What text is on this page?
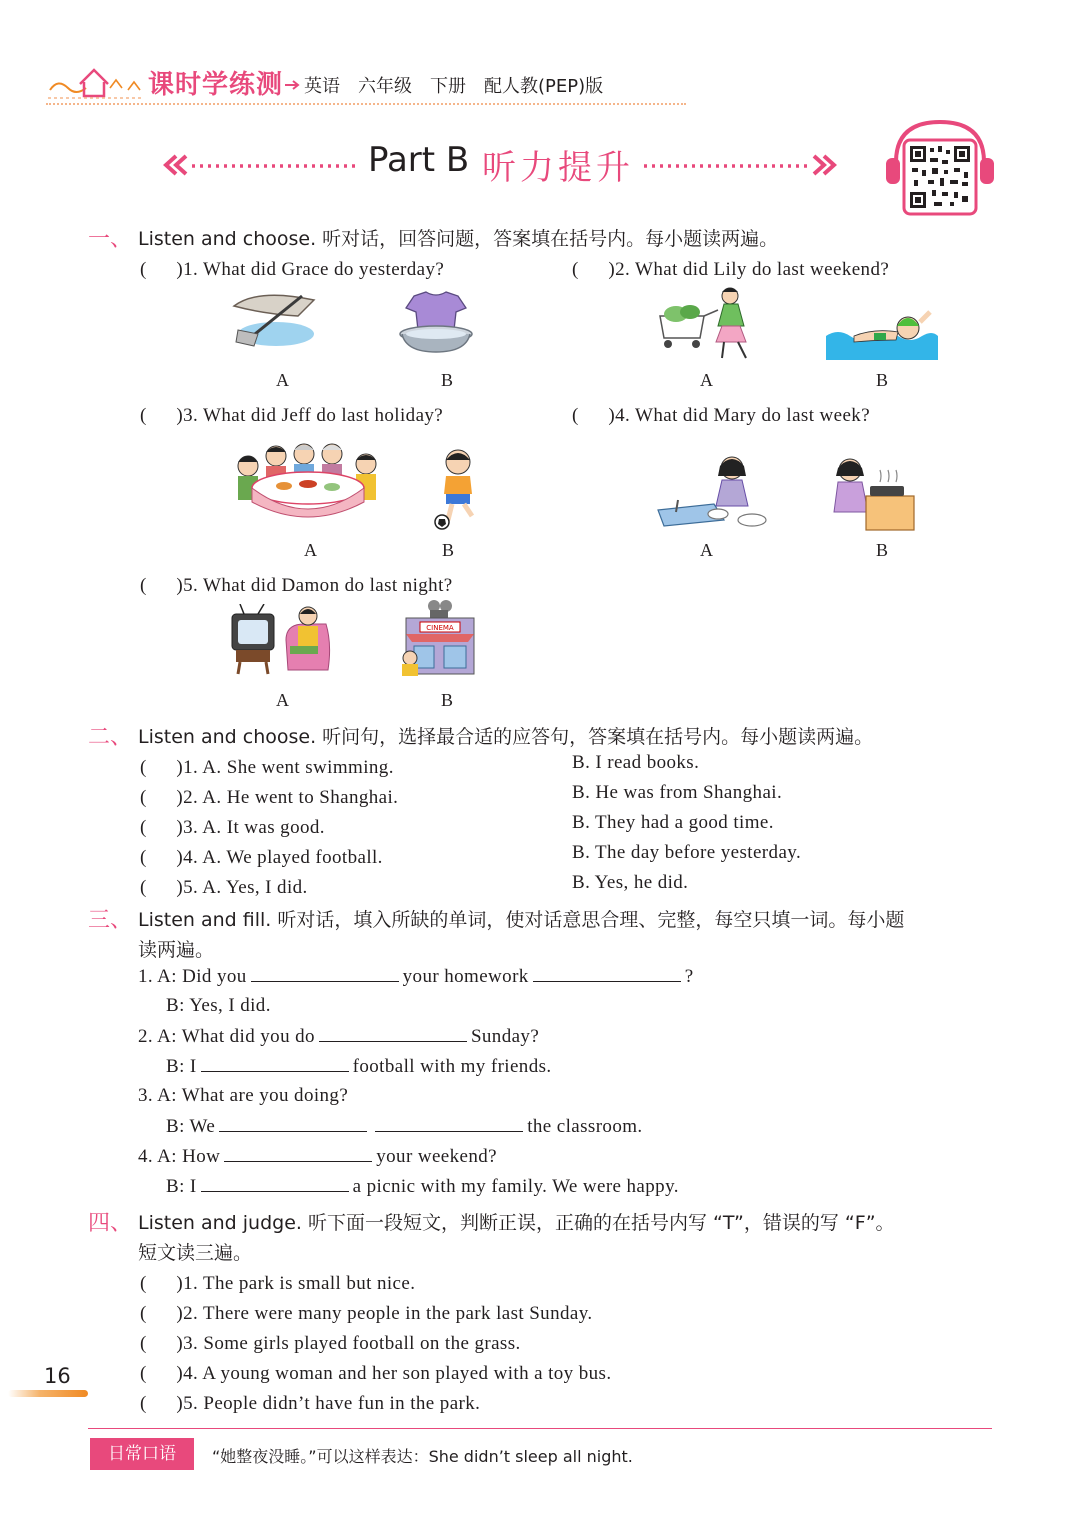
课时学练测 英语　六年级　下册　配人教(PEP)版
Part B 听力提升
一、 Listen and choose. 听对话，回答问题，答案填在括号内。每小题读两遍。
( 　 )1. What did Grace do yesterday?	( 　 )2. What did Lily do last weekend?
A	B	A	B
( 　 )3. What did Jeff do last holiday?	( 　 )4. What did Mary do last week?
A	B	A	B
( 　 )5. What did Damon do last night?
CINEMA
A	B
二、 Listen and choose. 听问句，选择最合适的应答句，答案填在括号内。每小题读两遍。
( 　 )1. A. She went swimming.	B. I read books.
( 　 )2. A. He went to Shanghai.	B. He was from Shanghai.
( 　 )3. A. It was good.	B. They had a good time.
( 　 )4. A. We played football.	B. The day before yesterday.
( 　 )5. A. Yes, I did.	B. Yes, he did.
三、 Listen and fill. 听对话，填入所缺的单词，使对话意思合理、完整，每空只填一词。每小题
读两遍。
1. A: Did you	your homework	?
B: Yes, I did.
2. A: What did you do	Sunday?
B: I	football with my friends.
3. A: What are you doing?
B: We	the classroom.
4. A: How	your weekend?
B: I	a picnic with my family. We were happy.
四、 Listen and judge. 听下面一段短文，判断正误，正确的在括号内写 “T”，错误的写 “F”。
短文读三遍。
( 　 )1. The park is small but nice.
( 　 )2. There were many people in the park last Sunday.
( 　 )3. Some girls played football on the grass.
( 　 )4. A young woman and her son played with a toy bus.
( 　 )5. People didn’t have fun in the park.
16
日常口语	“她整夜没睡。”可以这样表达：She didn’t sleep all night.
